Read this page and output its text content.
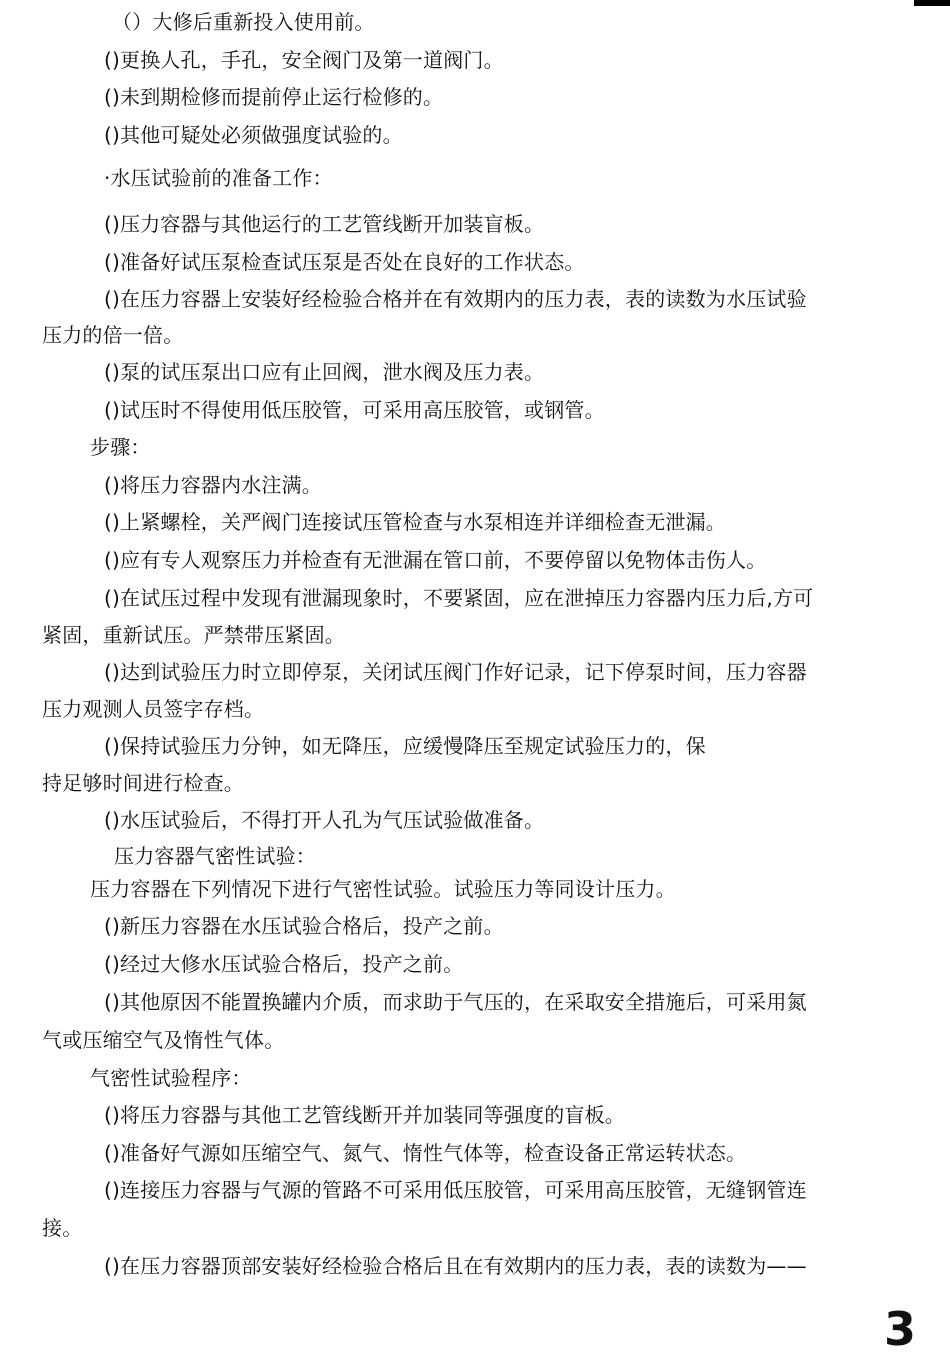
（）大修后重新投入使用前。
()更换人孔，手孔，安全阀门及第一道阀门。
()未到期检修而提前停止运行检修的。
()其他可疑处必须做强度试验的。
·水压试验前的准备工作：
()压力容器与其他运行的工艺管线断开加装盲板。
()准备好试压泵检查试压泵是否处在良好的工作状态。
()在压力容器上安装好经检验合格并在有效期内的压力表，表的读数为水压试验
压力的倍一倍。
()泵的试压泵出口应有止回阀，泄水阀及压力表。
()试压时不得使用低压胶管，可采用高压胶管，或钢管。
步骤：
()将压力容器内水注满。
()上紧螺栓，关严阀门连接试压管检查与水泵相连并详细检查无泄漏。
()应有专人观察压力并检查有无泄漏在管口前，不要停留以免物体击伤人。
()在试压过程中发现有泄漏现象时，不要紧固，应在泄掉压力容器内压力后,方可
紧固，重新试压。严禁带压紧固。
()达到试验压力时立即停泵，关闭试压阀门作好记录，记下停泵时间，压力容器
压力观测人员签字存档。
()保持试验压力分钟，如无降压，应缓慢降压至规定试验压力的，保
持足够时间进行检查。
()水压试验后，不得打开人孔为气压试验做准备。
压力容器气密性试验：
压力容器在下列情况下进行气密性试验。试验压力等同设计压力。
()新压力容器在水压试验合格后，投产之前。
()经过大修水压试验合格后，投产之前。
()其他原因不能置换罐内介质，而求助于气压的，在采取安全措施后，可采用氮
气或压缩空气及惰性气体。
气密性试验程序：
()将压力容器与其他工艺管线断开并加装同等强度的盲板。
()准备好气源如压缩空气、氮气、惰性气体等，检查设备正常运转状态。
()连接压力容器与气源的管路不可采用低压胶管，可采用高压胶管，无缝钢管连
接。
()在压力容器顶部安装好经检验合格后且在有效期内的压力表，表的读数为——
3
